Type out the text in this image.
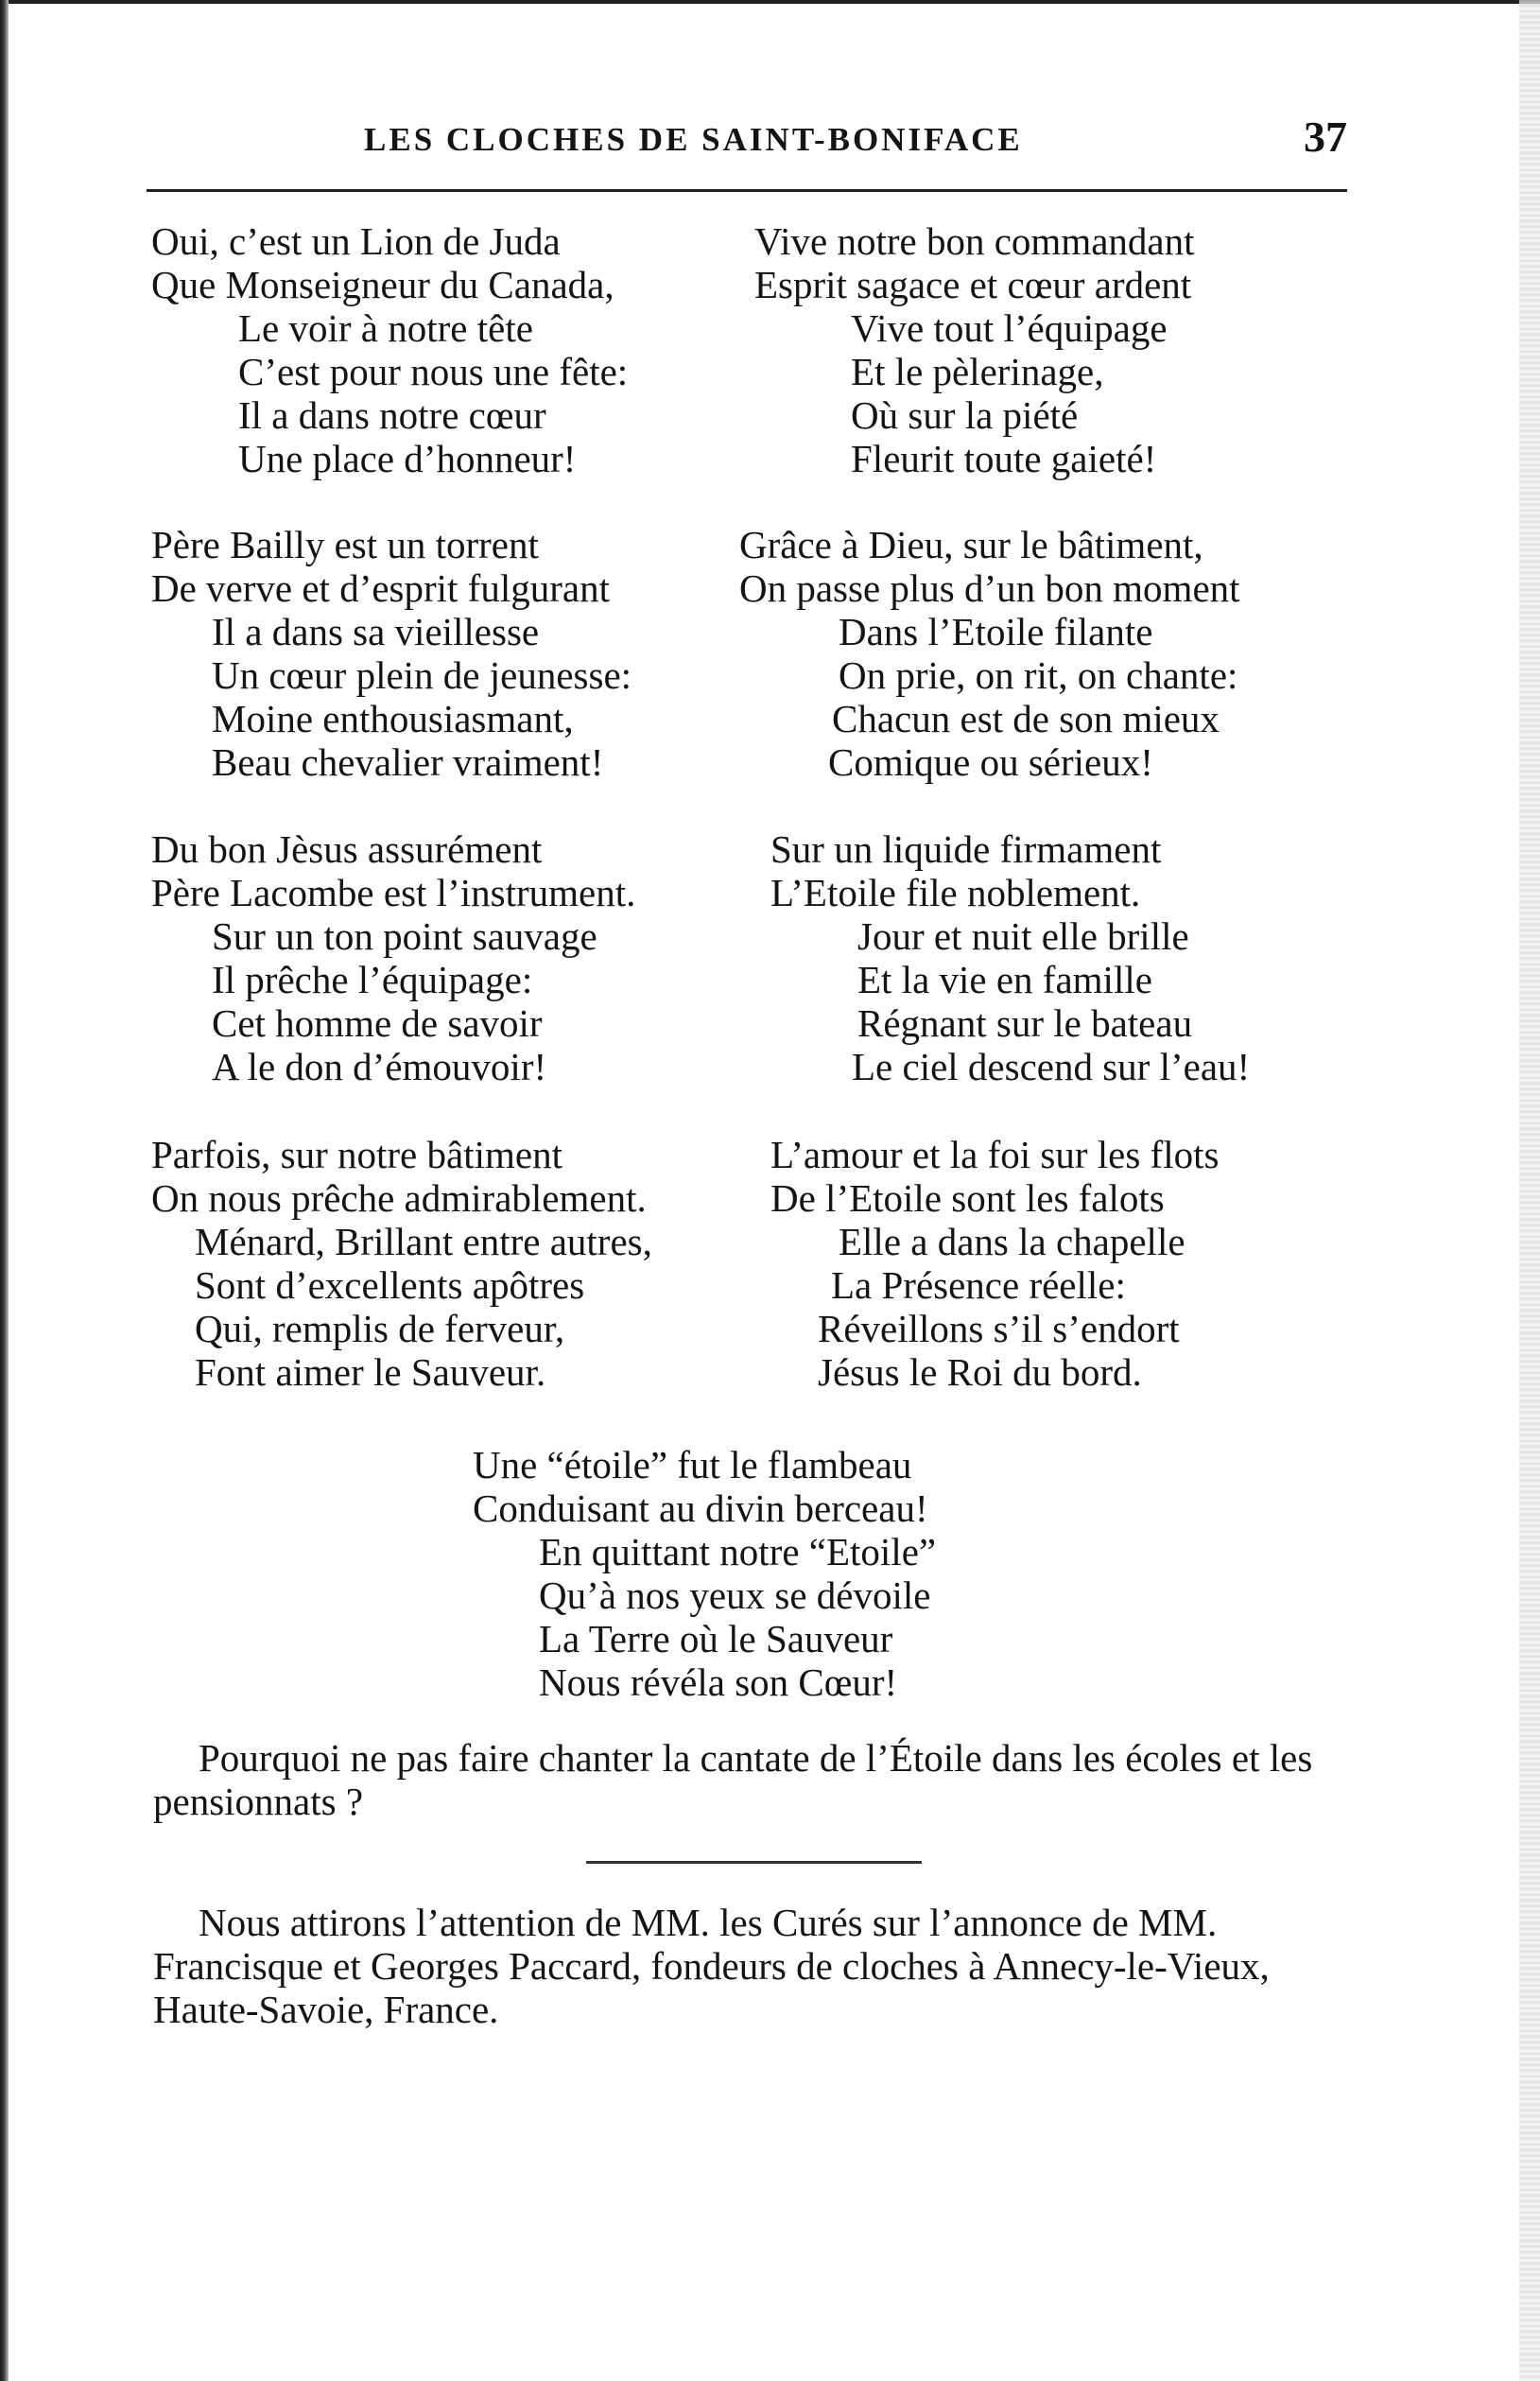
LES CLOCHES DE SAINT-BONIFACE	37
Oui, c’est un Lion de Juda
Que Monseigneur du Canada,
Le voir à notre tête
C’est pour nous une fête:
Il a dans notre cœur
Une place d’honneur!
Père Bailly est un torrent
De verve et d’esprit fulgurant
Il a dans sa vieillesse
Un cœur plein de jeunesse:
Moine enthousiasmant,
Beau chevalier vraiment!
Du bon Jèsus assurément
Père Lacombe est l’instrument.
Sur un ton point sauvage
Il prêche l’équipage:
Cet homme de savoir
A le don d’émouvoir!
Parfois, sur notre bâtiment
On nous prêche admirablement.
Ménard, Brillant entre autres,
Sont d’excellents apôtres
Qui, remplis de ferveur,
Font aimer le Sauveur.
Vive notre bon commandant
Esprit sagace et cœur ardent
Vive tout l’équipage
Et le pèlerinage,
Où sur la piété
Fleurit toute gaieté!
Grâce à Dieu, sur le bâtiment,
On passe plus d’un bon moment
Dans l’Etoile filante
On prie, on rit, on chante:
Chacun est de son mieux
Comique ou sérieux!
Sur un liquide firmament
L’Etoile file noblement.
Jour et nuit elle brille
Et la vie en famille
Régnant sur le bateau
Le ciel descend sur l’eau!
L’amour et la foi sur les flots
De l’Etoile sont les falots
Elle a dans la chapelle
La Présence réelle:
Réveillons s’il s’endort
Jésus le Roi du bord.
Une “étoile” fut le flambeau
Conduisant au divin berceau!
En quittant notre “Etoile”
Qu’à nos yeux se dévoile
La Terre où le Sauveur
Nous révéla son Cœur!

Pourquoi ne pas faire chanter la cantate de l’Étoile dans les écoles et les pensionnats ?

Nous attirons l’attention de MM. les Curés sur l’annonce de MM. Francisque et Georges Paccard, fondeurs de cloches à Annecy-le-Vieux, Haute-Savoie, France.
